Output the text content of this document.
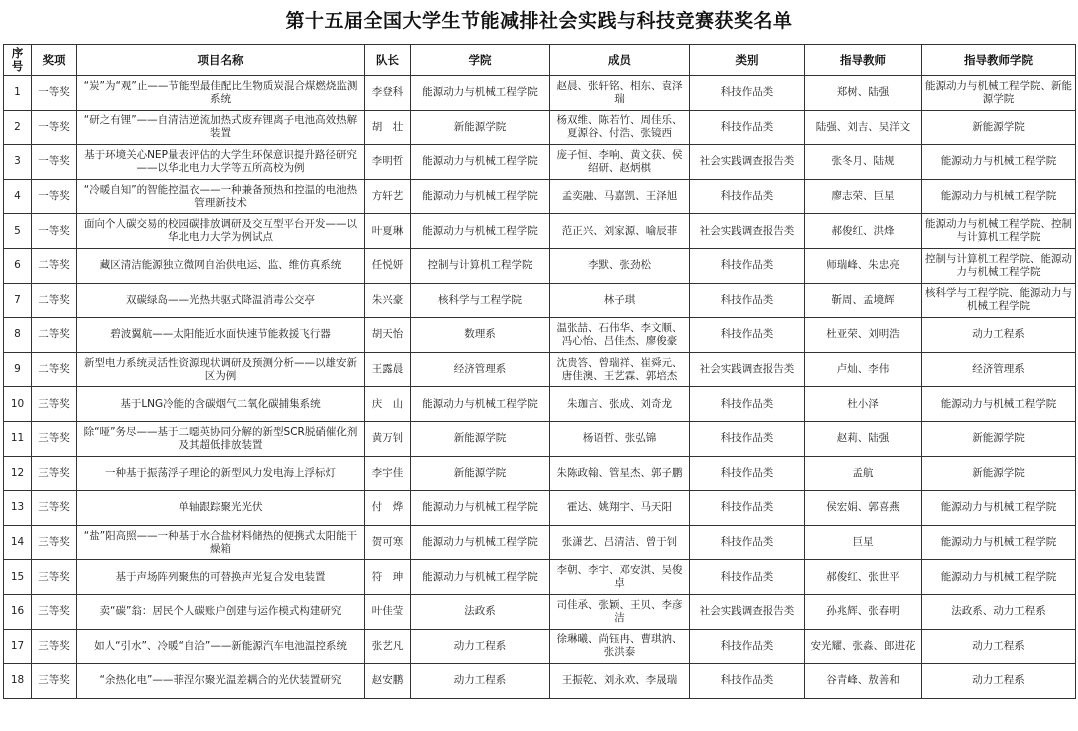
第十五届全国大学生节能减排社会实践与科技竞赛获奖名单
序号	奖项	项目名称	队长	学院	成员	类别	指导教师	指导教师学院
1	一等奖	“炭”为“观”止——节能型最佳配比生物质炭混合煤燃烧监测系统	李登科	能源动力与机械工程学院	赵晨、张轩铭、相东、袁泽瑞	科技作品类	郑树、陆强	能源动力与机械工程学院、新能源学院
2	一等奖	“研之有锂”——自清洁逆流加热式废弃锂离子电池高效热解装置	胡　壮	新能源学院	杨双维、陈若竹、周佳乐、夏源谷、付浩、张镜西	科技作品类	陆强、刘吉、吴洋文	新能源学院
3	一等奖	基于环境关心NEP量表评估的大学生环保意识提升路径研究——以华北电力大学等五所高校为例	李明哲	能源动力与机械工程学院	庞子恒、李响、黄文获、侯绍研、赵炳棋	社会实践调查报告类	张冬月、陆规	能源动力与机械工程学院
4	一等奖	“冷暖自知”的智能控温衣——一种兼备预热和控温的电池热管理新技术	方轩艺	能源动力与机械工程学院	孟奕融、马嘉凯、王泽旭	科技作品类	廖志荣、巨星	能源动力与机械工程学院
5	一等奖	面向个人碳交易的校园碳排放调研及交互型平台开发——以华北电力大学为例试点	叶夏琳	能源动力与机械工程学院	范正兴、刘家源、喻辰菲	社会实践调查报告类	郝俊红、洪烽	能源动力与机械工程学院、控制与计算机工程学院
6	二等奖	藏区清洁能源独立微网自治供电运、监、维仿真系统	任悦妍	控制与计算机工程学院	李默、张劲松	科技作品类	师瑞峰、朱忠亮	控制与计算机工程学院、能源动力与机械工程学院
7	二等奖	双碳绿岛——光热共驱式降温消毒公交亭	朱兴豪	核科学与工程学院	林子琪	科技作品类	靳周、孟境辉	核科学与工程学院、能源动力与机械工程学院
8	二等奖	碧波翼航——太阳能近水面快速节能救援飞行器	胡天怡	数理系	温张喆、石伟华、李文顺、冯心怡、吕佳杰、廖俊豪	科技作品类	杜亚荣、刘明浩	动力工程系
9	二等奖	新型电力系统灵活性资源现状调研及预测分析——以雄安新区为例	王露晨	经济管理系	沈贵答、曾瑞祥、崔舜元、唐佳澳、王艺霖、郭培杰	社会实践调查报告类	卢灿、李伟	经济管理系
10	三等奖	基于LNG冷能的含碳烟气二氧化碳捕集系统	庆　山	能源动力与机械工程学院	朱珈言、张成、刘奇龙	科技作品类	杜小泽	能源动力与机械工程学院
11	三等奖	除“哑”务尽——基于二噁英协同分解的新型SCR脱硝催化剂及其超低排放装置	黄万钊	新能源学院	杨语哲、张弘锦	科技作品类	赵莉、陆强	新能源学院
12	三等奖	一种基于振荡浮子理论的新型风力发电海上浮标灯	李宇佳	新能源学院	朱陈政翰、管星杰、郭子鹏	科技作品类	孟航	新能源学院
13	三等奖	单轴跟踪聚光光伏	付　烨	能源动力与机械工程学院	霍达、姚翔宇、马天阳	科技作品类	侯宏娟、郭喜燕	能源动力与机械工程学院
14	三等奖	“盐”阳高照——一种基于水合盐材料储热的便携式太阳能干燥箱	贺可寒	能源动力与机械工程学院	张潇艺、吕清洁、曾于钊	科技作品类	巨星	能源动力与机械工程学院
15	三等奖	基于声场阵列聚焦的可替换声光复合发电装置	符　珅	能源动力与机械工程学院	李朝、李宇、邓安淇、吴俊卓	科技作品类	郝俊红、张世平	能源动力与机械工程学院
16	三等奖	卖“碳”翁：居民个人碳账户创建与运作模式构建研究	叶佳莹	法政系	司佳承、张颖、王贝、李彦洁	社会实践调查报告类	孙兆辉、张春明	法政系、动力工程系
17	三等奖	如人“引水”、冷暖“自洽”——新能源汽车电池温控系统	张艺凡	动力工程系	徐琳曦、尚钰冉、曹琪汭、张洪泰	科技作品类	安光耀、张淼、郎进花	动力工程系
18	三等奖	“余热化电”——菲涅尔聚光温差耦合的光伏装置研究	赵安鹏	动力工程系	王振乾、刘永欢、李晟瑞	科技作品类	谷青峰、敖善和	动力工程系
